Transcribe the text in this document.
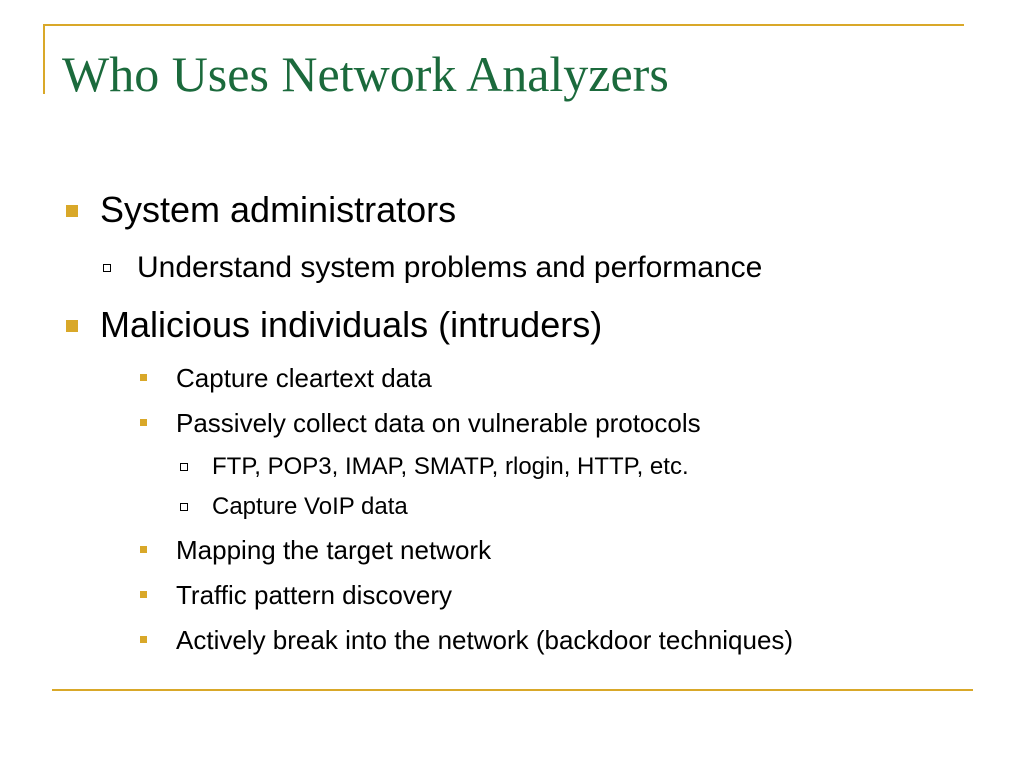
Who Uses Network Analyzers
System administrators
Understand system problems and performance
Malicious individuals (intruders)
Capture cleartext data
Passively collect data on vulnerable protocols
FTP, POP3, IMAP, SMATP, rlogin, HTTP, etc.
Capture VoIP data
Mapping the target network
Traffic pattern discovery
Actively break into the network (backdoor techniques)
